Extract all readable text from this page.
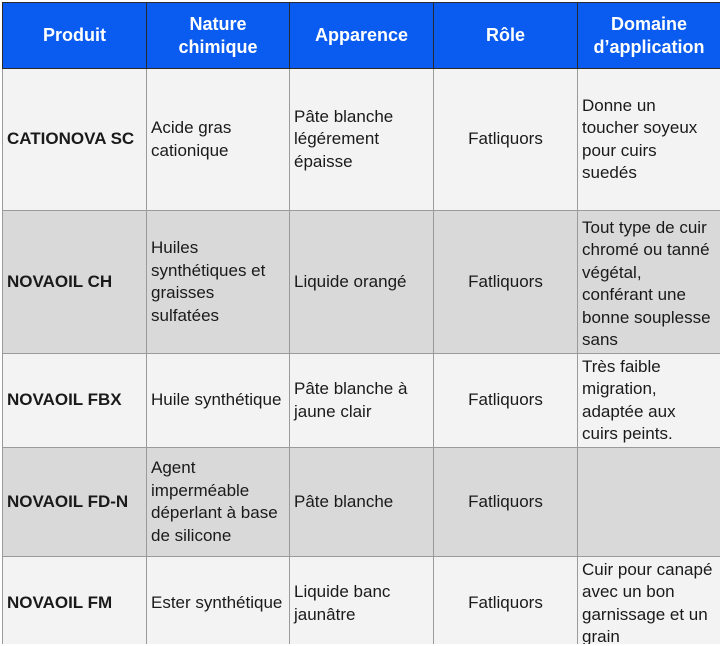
Produit	Nature chimique	Apparence	Rôle	Domaine d’application
CATIONOVA SC	Acide gras cationique	Pâte blanche légérement épaisse	Fatliquors	Donne un toucher soyeux pour cuirs suedés
NOVAOIL CH	Huiles synthétiques et graisses sulfatées	Liquide orangé	Fatliquors	Tout type de cuir chromé ou tanné végétal, conférant une bonne souplesse sans

NOVAOIL FBX	Huile synthétique	Pâte blanche à jaune clair	Fatliquors	Très faible migration, adaptée aux cuirs peints.
NOVAOIL FD-N	Agent imperméable déperlant à base de silicone	Pâte blanche	Fatliquors	
NOVAOIL FM	Ester synthétique	Liquide banc jaunâtre	Fatliquors	Cuir pour canapé avec un bon garnissage et un grain
